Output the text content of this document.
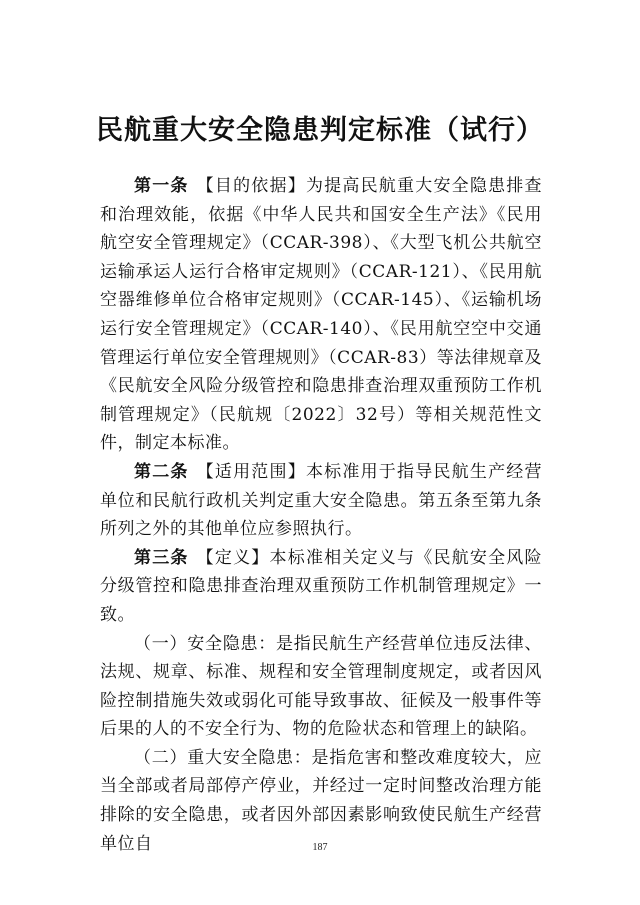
民航重大安全隐患判定标准（试行）

第一条 【目的依据】为提高民航重大安全隐患排查和治理效能，依据《中华人民共和国安全生产法》《民用航空安全管理规定》（CCAR-398）、《大型飞机公共航空运输承运人运行合格审定规则》（CCAR-121）、《民用航空器维修单位合格审定规则》（CCAR-145）、《运输机场运行安全管理规定》（CCAR-140）、《民用航空空中交通管理运行单位安全管理规则》（CCAR-83）等法律规章及《民航安全风险分级管控和隐患排查治理双重预防工作机制管理规定》（民航规〔2022〕32号）等相关规范性文件，制定本标准。

第二条 【适用范围】本标准用于指导民航生产经营单位和民航行政机关判定重大安全隐患。第五条至第九条所列之外的其他单位应参照执行。

第三条 【定义】本标准相关定义与《民航安全风险分级管控和隐患排查治理双重预防工作机制管理规定》一致。

（一）安全隐患：是指民航生产经营单位违反法律、法规、规章、标准、规程和安全管理制度规定，或者因风险控制措施失效或弱化可能导致事故、征候及一般事件等后果的人的不安全行为、物的危险状态和管理上的缺陷。

（二）重大安全隐患：是指危害和整改难度较大，应当全部或者局部停产停业，并经过一定时间整改治理方能排除的安全隐患，或者因外部因素影响致使民航生产经营单位自	187
